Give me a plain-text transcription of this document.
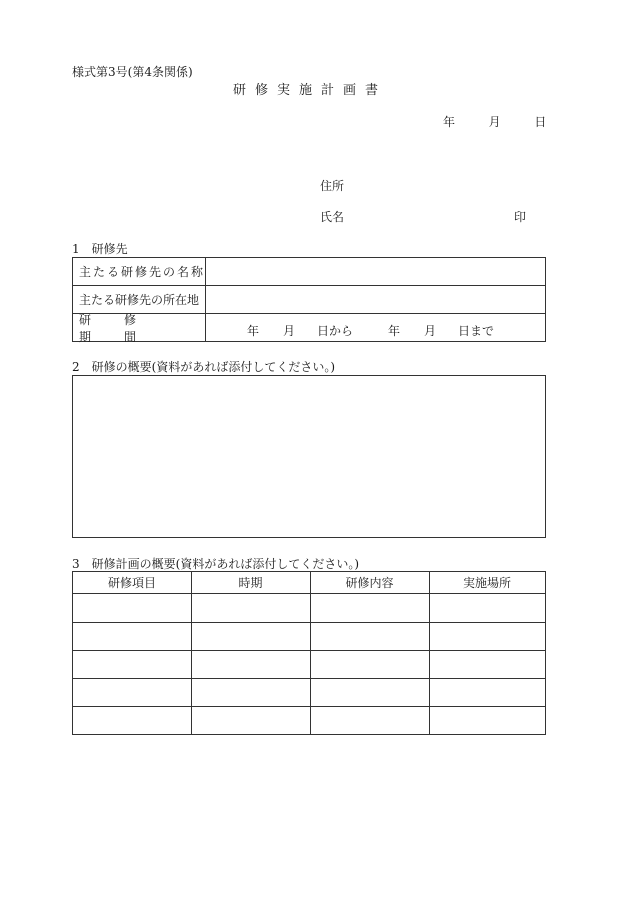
様式第3号(第4条関係)
研修実施計画書
年	月	日
住所
氏名	印
1　研修先
主たる研修先の名称
主たる研修先の所在地
研修期間	年 月 日から	年 月 日まで
2　研修の概要(資料があれば添付してください。)
3　研修計画の概要(資料があれば添付してください。)
研修項目	時期	研修内容	実施場所
